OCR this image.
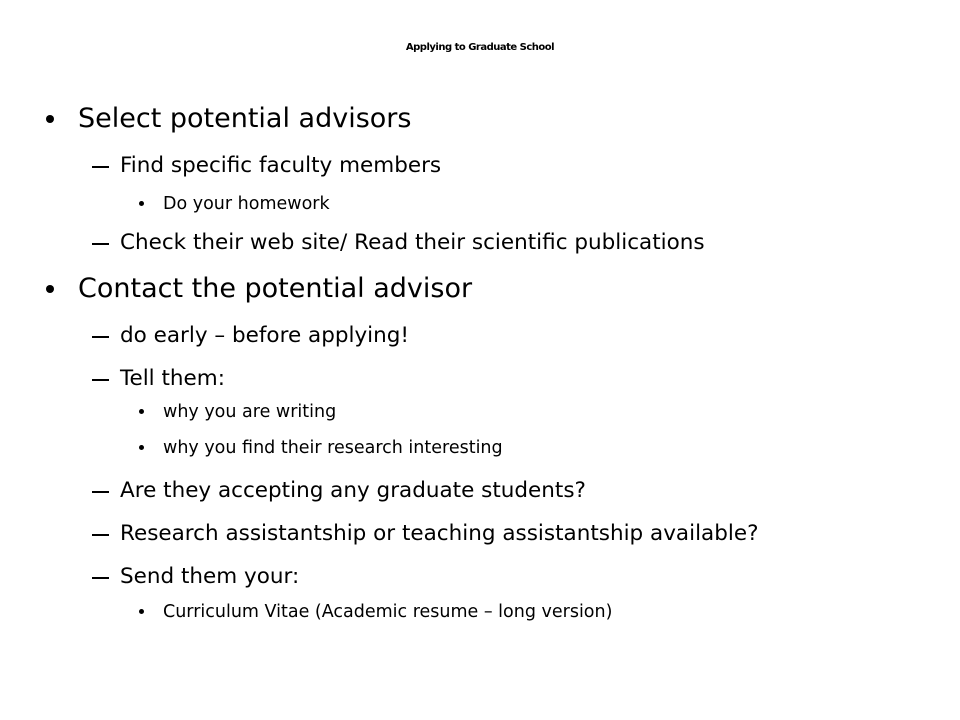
Applying to Graduate School
Select potential advisors
Find specific faculty members
Do your homework
Check their web site/ Read their scientific publications
Contact the potential advisor
do early – before applying!
Tell them:
why you are writing
why you find their research interesting
Are they accepting any graduate students?
Research assistantship or teaching assistantship available?
Send them your:
Curriculum Vitae (Academic resume – long version)
